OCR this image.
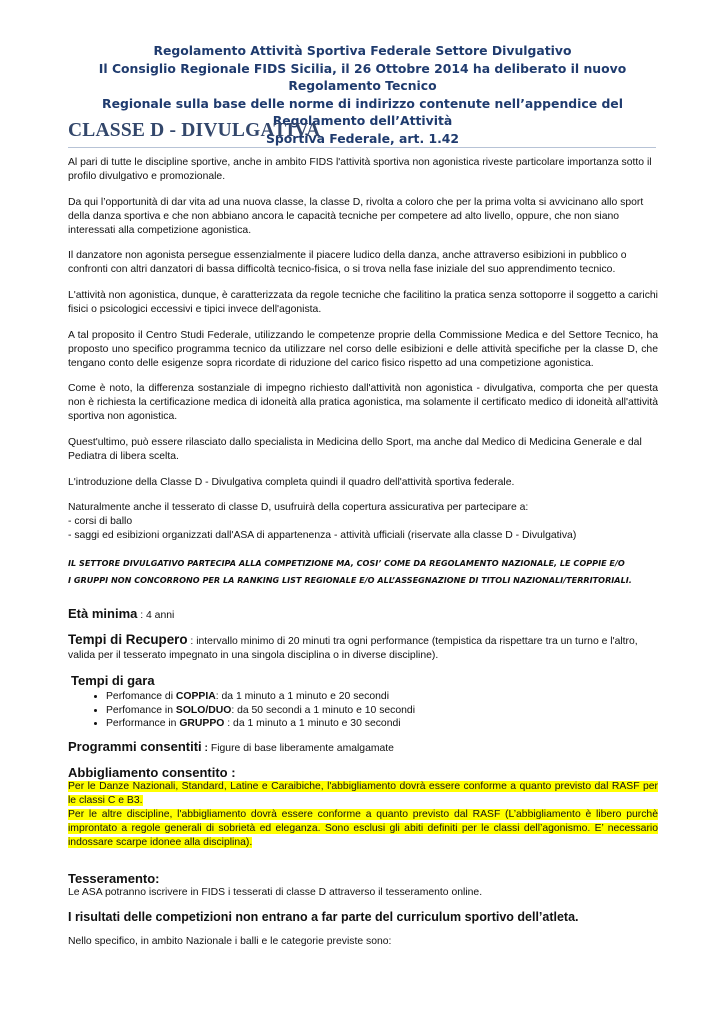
Regolamento Attività Sportiva Federale Settore Divulgativo
Il Consiglio Regionale FIDS Sicilia, il 26 Ottobre 2014 ha deliberato il nuovo Regolamento Tecnico
Regionale sulla base delle norme di indirizzo contenute nell’appendice del Regolamento dell’Attività
Sportiva Federale, art. 1.42
CLASSE D - DIVULGATIVA

Al pari di tutte le discipline sportive, anche in ambito FIDS l'attività sportiva non agonistica riveste particolare importanza sotto il profilo divulgativo e promozionale.

Da qui l’opportunità di dar vita ad una nuova classe, la classe D, rivolta a coloro che per la prima volta si avvicinano allo sport della danza sportiva e che non abbiano ancora le capacità tecniche per competere ad alto livello, oppure, che non siano interessati alla competizione agonistica.

Il danzatore non agonista persegue essenzialmente il piacere ludico della danza, anche attraverso esibizioni in pubblico o confronti con altri danzatori di bassa difficoltà tecnico-fisica, o si trova nella fase iniziale del suo apprendimento tecnico.

L'attività non agonistica, dunque, è caratterizzata da regole tecniche che facilitino la pratica senza sottoporre il soggetto a carichi fisici o psicologici eccessivi e tipici invece dell'agonista.

A tal proposito il Centro Studi Federale, utilizzando le competenze proprie della Commissione Medica e del Settore Tecnico, ha proposto uno specifico programma tecnico da utilizzare nel corso delle esibizioni e delle attività specifiche per la classe D, che tengano conto delle esigenze sopra ricordate di riduzione del carico fisico rispetto ad una competizione agonistica.

Come è noto, la differenza sostanziale di impegno richiesto dall'attività non agonistica - divulgativa, comporta che per questa non è richiesta la certificazione medica di idoneità alla pratica agonistica, ma solamente il certificato medico di idoneità all'attività sportiva non agonistica.

Quest'ultimo, può essere rilasciato dallo specialista in Medicina dello Sport, ma anche dal Medico di Medicina Generale e dal Pediatra di libera scelta.

L'introduzione della Classe D - Divulgativa completa quindi il quadro dell'attività sportiva federale.

Naturalmente anche il tesserato di classe D, usufruirà della copertura assicurativa per partecipare a:
- corsi di ballo
- saggi ed esibizioni organizzati dall'ASA di appartenenza - attività ufficiali (riservate alla classe D - Divulgativa)

IL SETTORE DIVULGATIVO PARTECIPA ALLA COMPETIZIONE MA, COSI’ COME DA REGOLAMENTO NAZIONALE, LE COPPIE E/O
I GRUPPI NON CONCORRONO PER LA RANKING LIST REGIONALE E/O ALL’ASSEGNAZIONE DI TITOLI NAZIONALI/TERRITORIALI.

Età minima : 4 anni

Tempi di Recupero : intervallo minimo di 20 minuti tra ogni performance (tempistica da rispettare tra un turno e l'altro, valida per il tesserato impegnato in una singola disciplina o in diverse discipline).

Tempi di gara
• Perfomance di COPPIA: da 1 minuto a 1 minuto e 20 secondi
• Perfomance in SOLO/DUO: da 50 secondi a 1 minuto e 10 secondi
• Performance in GRUPPO : da 1 minuto a 1 minuto e 30 secondi

Programmi consentiti : Figure di base liberamente amalgamate

Abbigliamento consentito :
Per le Danze Nazionali, Standard, Latine e Caraibiche, l'abbigliamento dovrà essere conforme a quanto previsto dal RASF per le classi C e B3.
Per le altre discipline, l'abbigliamento dovrà essere conforme a quanto previsto dal RASF (L’abbigliamento è libero purchè improntato a regole generali di sobrietà ed eleganza. Sono esclusi gli abiti definiti per le classi dell’agonismo. E’ necessario indossare scarpe idonee alla disciplina).
Tesseramento:
Le ASA potranno iscrivere in FIDS i tesserati di classe D attraverso il tesseramento online.
I risultati delle competizioni non entrano a far parte del curriculum sportivo dell’atleta.

Nello specifico, in ambito Nazionale i balli e le categorie previste sono:
